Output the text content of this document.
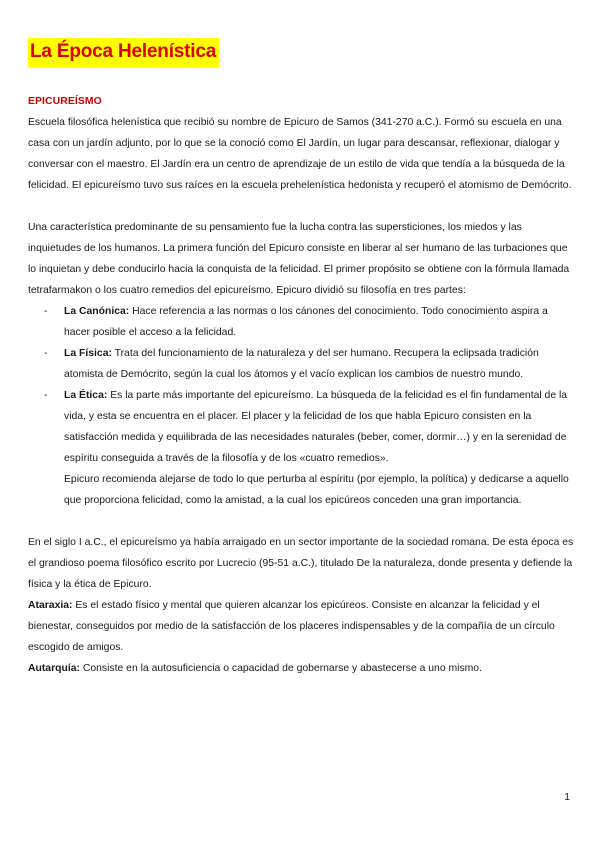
La Época Helenística
EPICUREÍSMO

Escuela filosófica helenística que recibió su nombre de Epicuro de Samos (341-270 a.C.). Formó su escuela en una casa con un jardín adjunto, por lo que se la conoció como El Jardín, un lugar para descansar, reflexionar, dialogar y conversar con el maestro. El Jardín era un centro de aprendizaje de un estilo de vida que tendía a la búsqueda de la felicidad. El epicureísmo tuvo sus raíces en la escuela prehelenística hedonista y recuperó el atomismo de Demócrito.

Una característica predominante de su pensamiento fue la lucha contra las supersticiones, los miedos y las inquietudes de los humanos. La primera función del Epicuro consiste en liberar al ser humano de las turbaciones que lo inquietan y debe conducirlo hacia la conquista de la felicidad. El primer propósito se obtiene con la fórmula llamada tetrafarmakon o los cuatro remedios del epicureísmo. Epicuro dividió su filosofía en tres partes:

- La Canónica: Hace referencia a las normas o los cánones del conocimiento. Todo conocimiento aspira a hacer posible el acceso a la felicidad.
- La Física: Trata del funcionamiento de la naturaleza y del ser humano. Recupera la eclipsada tradición atomista de Demócrito, según la cual los átomos y el vacío explican los cambios de nuestro mundo.
- La Ética: Es la parte más importante del epicureísmo. La búsqueda de la felicidad es el fin fundamental de la vida, y esta se encuentra en el placer. El placer y la felicidad de los que habla Epicuro consisten en la satisfacción medida y equilibrada de las necesidades naturales (beber, comer, dormir…) y en la serenidad de espíritu conseguida a través de la filosofía y de los «cuatro remedios».

Epicuro recomienda alejarse de todo lo que perturba al espíritu (por ejemplo, la política) y dedicarse a aquello que proporciona felicidad, como la amistad, a la cual los epicúreos conceden una gran importancia.

En el siglo I a.C., el epicureísmo ya había arraigado en un sector importante de la sociedad romana. De esta época es el grandioso poema filosófico escrito por Lucrecio (95-51 a.C.), titulado De la naturaleza, donde presenta y defiende la física y la ética de Epicuro.

Ataraxia: Es el estado físico y mental que quieren alcanzar los epicúreos. Consiste en alcanzar la felicidad y el bienestar, conseguidos por medio de la satisfacción de los placeres indispensables y de la compañía de un círculo escogido de amigos.

Autarquía: Consiste en la autosuficiencia o capacidad de gobernarse y abastecerse a uno mismo.

1
